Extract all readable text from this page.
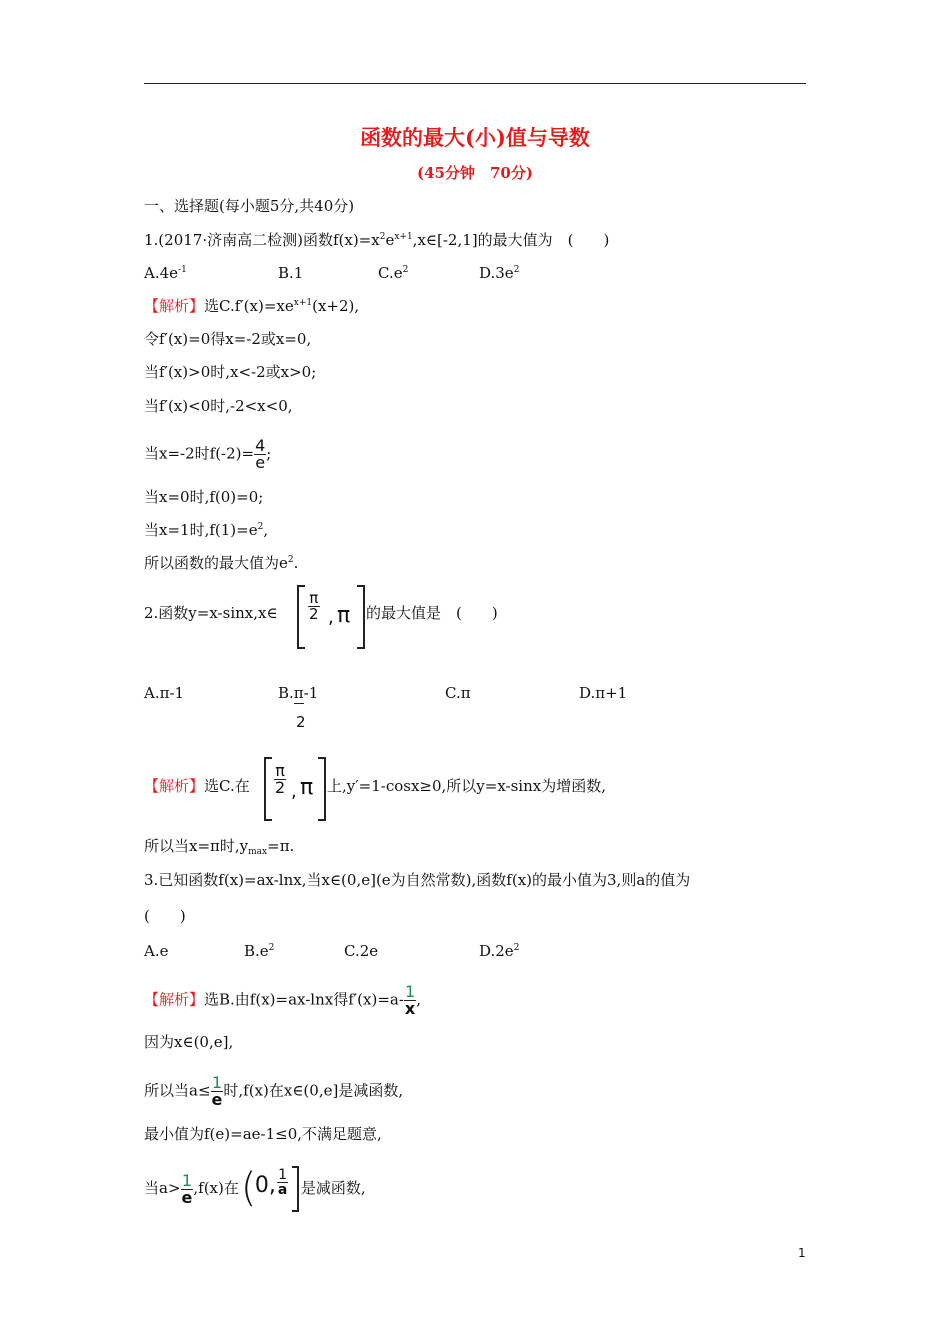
函数的最大(小)值与导数
(45分钟　70分)
一、选择题(每小题5分,共40分)
1.(2017·济南高二检测)函数$f(x)=x^2e^{x+1},x\in[-2,1]$的最大值为　(　　)
$A.4e^{-1}$	B.1	$C.e^2$	$D.3e^2$
【解析】选$C.f'(x)=xe^{x+1}(x+2)$,
令f′(x)=0得x=-2或x=0,
当f′(x)>0时,x<-2或x>0;
当f′(x)<0时,-2<x<0,
当x=-2时$f(-2)= \frac{4}{e}$ ;
当x=0时,f(0)=0;
当x=1时$,f(1)=e^2$,
所以函数的最大值为$e^2$.
2.函数y=x-sinx,x∈ $\frac{\pi}{2}$ , π 的最大值是　(　　)
A.π-1	B.π-1
2
C.π	D.π+1
【解析】选C.在 $\frac{\pi}{2}$ , π 上,y′=1-cosx≥0,所以y=x-sinx为增函数,
所以当x=π时$,y_{max}=\pi$.
3.已知函数f(x)=ax-lnx,当x∈(0,e](e为自然常数),函数f(x)的最小值为3,则a的值为
(　　)
A.e	$B.e^2$	C.2e	$D.2e^2$
【解析】选B.由f(x)=ax-lnx得$f'(x)=a- \frac{1}{x}$ ,
因为x∈(0,e],
所以当$a\le \frac{1}{e}$ 时,f(x)在x∈(0,e]是减函数,
最小值为f(e)=ae-1≤0,不满足题意,
当$a> \frac{1}{e} ,f(x)$在 (
0, $\frac{1}{a}$ 是减函数,
1
